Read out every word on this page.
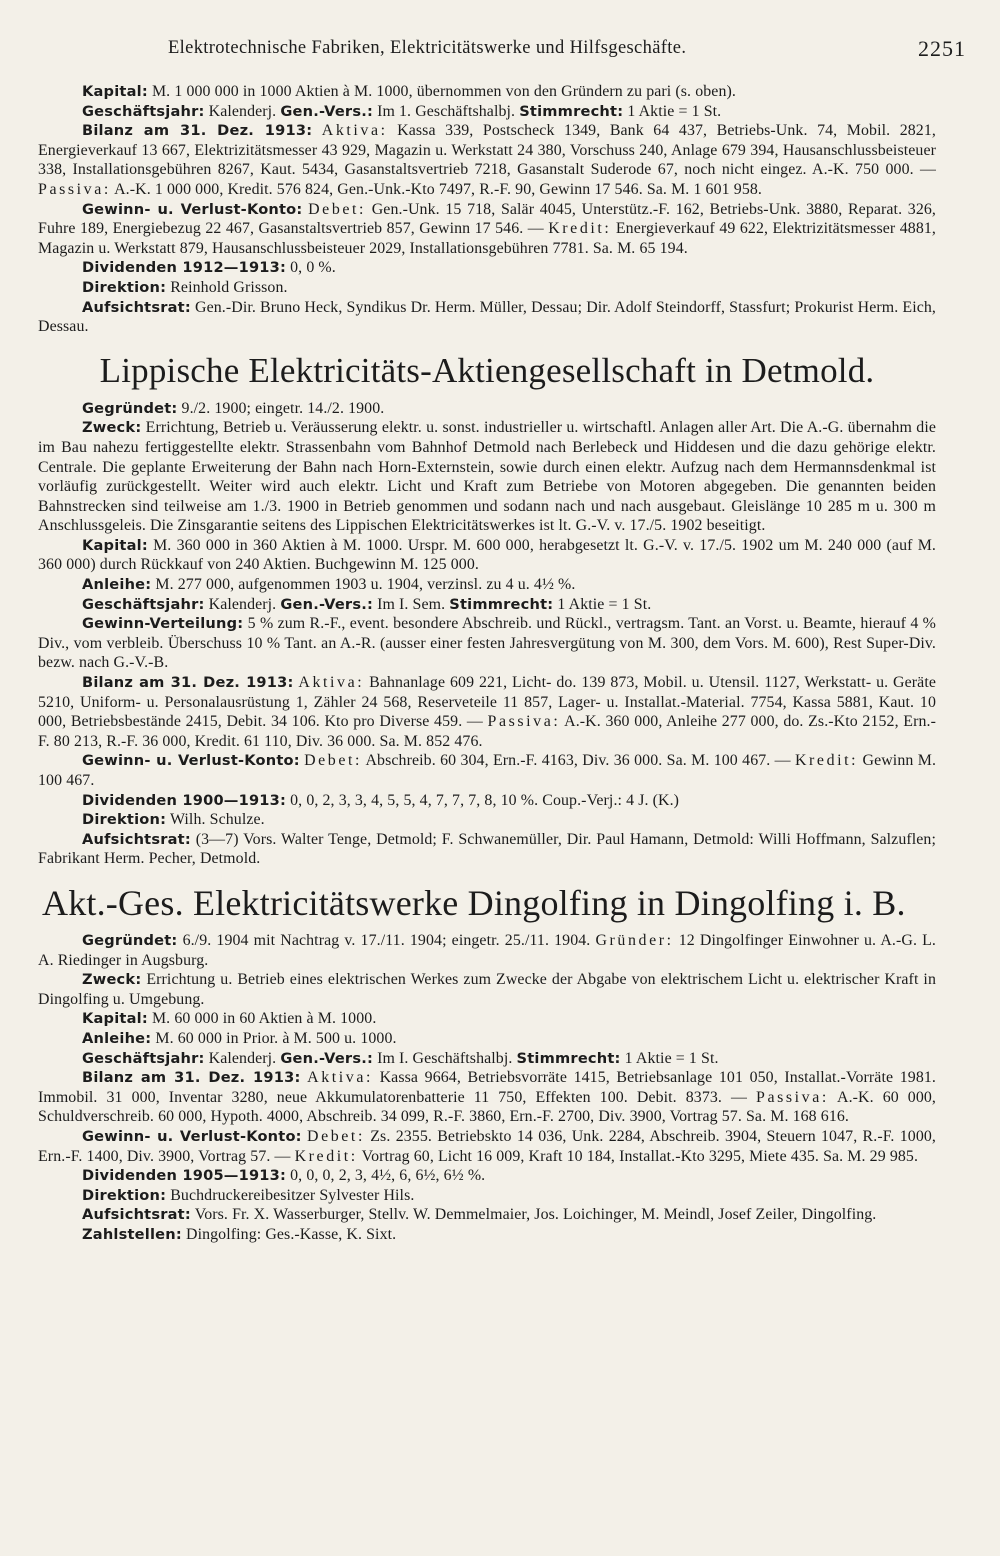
Elektrotechnische Fabriken, Elektricitätswerke und Hilfsgeschäfte.	2251

Kapital: M. 1 000 000 in 1000 Aktien à M. 1000, übernommen von den Gründern zu pari (s. oben).

Geschäftsjahr: Kalenderj. Gen.-Vers.: Im 1. Geschäftshalbj. Stimmrecht: 1 Aktie = 1 St.

Bilanz am 31. Dez. 1913: Aktiva: Kassa 339, Postscheck 1349, Bank 64 437, Betriebs-Unk. 74, Mobil. 2821, Energieverkauf 13 667, Elektrizitätsmesser 43 929, Magazin u. Werkstatt 24 380, Vorschuss 240, Anlage 679 394, Hausanschlussbeisteuer 338, Installationsgebühren 8267, Kaut. 5434, Gasanstaltsvertrieb 7218, Gasanstalt Suderode 67, noch nicht eingez. A.-K. 750 000. — Passiva: A.-K. 1 000 000, Kredit. 576 824, Gen.-Unk.-Kto 7497, R.-F. 90, Gewinn 17 546. Sa. M. 1 601 958.

Gewinn- u. Verlust-Konto: Debet: Gen.-Unk. 15 718, Salär 4045, Unterstütz.-F. 162, Betriebs-Unk. 3880, Reparat. 326, Fuhre 189, Energiebezug 22 467, Gasanstaltsvertrieb 857, Gewinn 17 546. — Kredit: Energieverkauf 49 622, Elektrizitätsmesser 4881, Magazin u. Werkstatt 879, Hausanschlussbeisteuer 2029, Installationsgebühren 7781. Sa. M. 65 194.

Dividenden 1912—1913: 0, 0 %.

Direktion: Reinhold Grisson.

Aufsichtsrat: Gen.-Dir. Bruno Heck, Syndikus Dr. Herm. Müller, Dessau; Dir. Adolf Steindorff, Stassfurt; Prokurist Herm. Eich, Dessau.

Lippische Elektricitäts-Aktiengesellschaft in Detmold.

Gegründet: 9./2. 1900; eingetr. 14./2. 1900.

Zweck: Errichtung, Betrieb u. Veräusserung elektr. u. sonst. industrieller u. wirtschaftl. Anlagen aller Art. Die A.-G. übernahm die im Bau nahezu fertiggestellte elektr. Strassenbahn vom Bahnhof Detmold nach Berlebeck und Hiddesen und die dazu gehörige elektr. Centrale. Die geplante Erweiterung der Bahn nach Horn-Externstein, sowie durch einen elektr. Aufzug nach dem Hermannsdenkmal ist vorläufig zurückgestellt. Weiter wird auch elektr. Licht und Kraft zum Betriebe von Motoren abgegeben. Die genannten beiden Bahnstrecken sind teilweise am 1./3. 1900 in Betrieb genommen und sodann nach und nach ausgebaut. Gleislänge 10 285 m u. 300 m Anschlussgeleis. Die Zinsgarantie seitens des Lippischen Elektricitätswerkes ist lt. G.-V. v. 17./5. 1902 beseitigt.

Kapital: M. 360 000 in 360 Aktien à M. 1000. Urspr. M. 600 000, herabgesetzt lt. G.-V. v. 17./5. 1902 um M. 240 000 (auf M. 360 000) durch Rückkauf von 240 Aktien. Buchgewinn M. 125 000.

Anleihe: M. 277 000, aufgenommen 1903 u. 1904, verzinsl. zu 4 u. 4½ %.

Geschäftsjahr: Kalenderj. Gen.-Vers.: Im I. Sem. Stimmrecht: 1 Aktie = 1 St.

Gewinn-Verteilung: 5 % zum R.-F., event. besondere Abschreib. und Rückl., vertragsm. Tant. an Vorst. u. Beamte, hierauf 4 % Div., vom verbleib. Überschuss 10 % Tant. an A.-R. (ausser einer festen Jahresvergütung von M. 300, dem Vors. M. 600), Rest Super-Div. bezw. nach G.-V.-B.

Bilanz am 31. Dez. 1913: Aktiva: Bahnanlage 609 221, Licht- do. 139 873, Mobil. u. Utensil. 1127, Werkstatt- u. Geräte 5210, Uniform- u. Personalausrüstung 1, Zähler 24 568, Reserveteile 11 857, Lager- u. Installat.-Material. 7754, Kassa 5881, Kaut. 10 000, Betriebsbestände 2415, Debit. 34 106. Kto pro Diverse 459. — Passiva: A.-K. 360 000, Anleihe 277 000, do. Zs.-Kto 2152, Ern.-F. 80 213, R.-F. 36 000, Kredit. 61 110, Div. 36 000. Sa. M. 852 476.

Gewinn- u. Verlust-Konto: Debet: Abschreib. 60 304, Ern.-F. 4163, Div. 36 000. Sa. M. 100 467. — Kredit: Gewinn M. 100 467.

Dividenden 1900—1913: 0, 0, 2, 3, 3, 4, 5, 5, 4, 7, 7, 7, 8, 10 %. Coup.-Verj.: 4 J. (K.)

Direktion: Wilh. Schulze.

Aufsichtsrat: (3—7) Vors. Walter Tenge, Detmold; F. Schwanemüller, Dir. Paul Hamann, Detmold: Willi Hoffmann, Salzuflen; Fabrikant Herm. Pecher, Detmold.

Akt.-Ges. Elektricitätswerke Dingolfing in Dingolfing i. B.

Gegründet: 6./9. 1904 mit Nachtrag v. 17./11. 1904; eingetr. 25./11. 1904. Gründer: 12 Dingolfinger Einwohner u. A.-G. L. A. Riedinger in Augsburg.

Zweck: Errichtung u. Betrieb eines elektrischen Werkes zum Zwecke der Abgabe von elektrischem Licht u. elektrischer Kraft in Dingolfing u. Umgebung.

Kapital: M. 60 000 in 60 Aktien à M. 1000.

Anleihe: M. 60 000 in Prior. à M. 500 u. 1000.

Geschäftsjahr: Kalenderj. Gen.-Vers.: Im I. Geschäftshalbj. Stimmrecht: 1 Aktie = 1 St.

Bilanz am 31. Dez. 1913: Aktiva: Kassa 9664, Betriebsvorräte 1415, Betriebsanlage 101 050, Installat.-Vorräte 1981. Immobil. 31 000, Inventar 3280, neue Akkumulatorenbatterie 11 750, Effekten 100. Debit. 8373. — Passiva: A.-K. 60 000, Schuldverschreib. 60 000, Hypoth. 4000, Abschreib. 34 099, R.-F. 3860, Ern.-F. 2700, Div. 3900, Vortrag 57. Sa. M. 168 616.

Gewinn- u. Verlust-Konto: Debet: Zs. 2355. Betriebskto 14 036, Unk. 2284, Abschreib. 3904, Steuern 1047, R.-F. 1000, Ern.-F. 1400, Div. 3900, Vortrag 57. — Kredit: Vortrag 60, Licht 16 009, Kraft 10 184, Installat.-Kto 3295, Miete 435. Sa. M. 29 985.

Dividenden 1905—1913: 0, 0, 0, 2, 3, 4½, 6, 6½, 6½ %.

Direktion: Buchdruckereibesitzer Sylvester Hils.

Aufsichtsrat: Vors. Fr. X. Wasserburger, Stellv. W. Demmelmaier, Jos. Loichinger, M. Meindl, Josef Zeiler, Dingolfing.

Zahlstellen: Dingolfing: Ges.-Kasse, K. Sixt.
